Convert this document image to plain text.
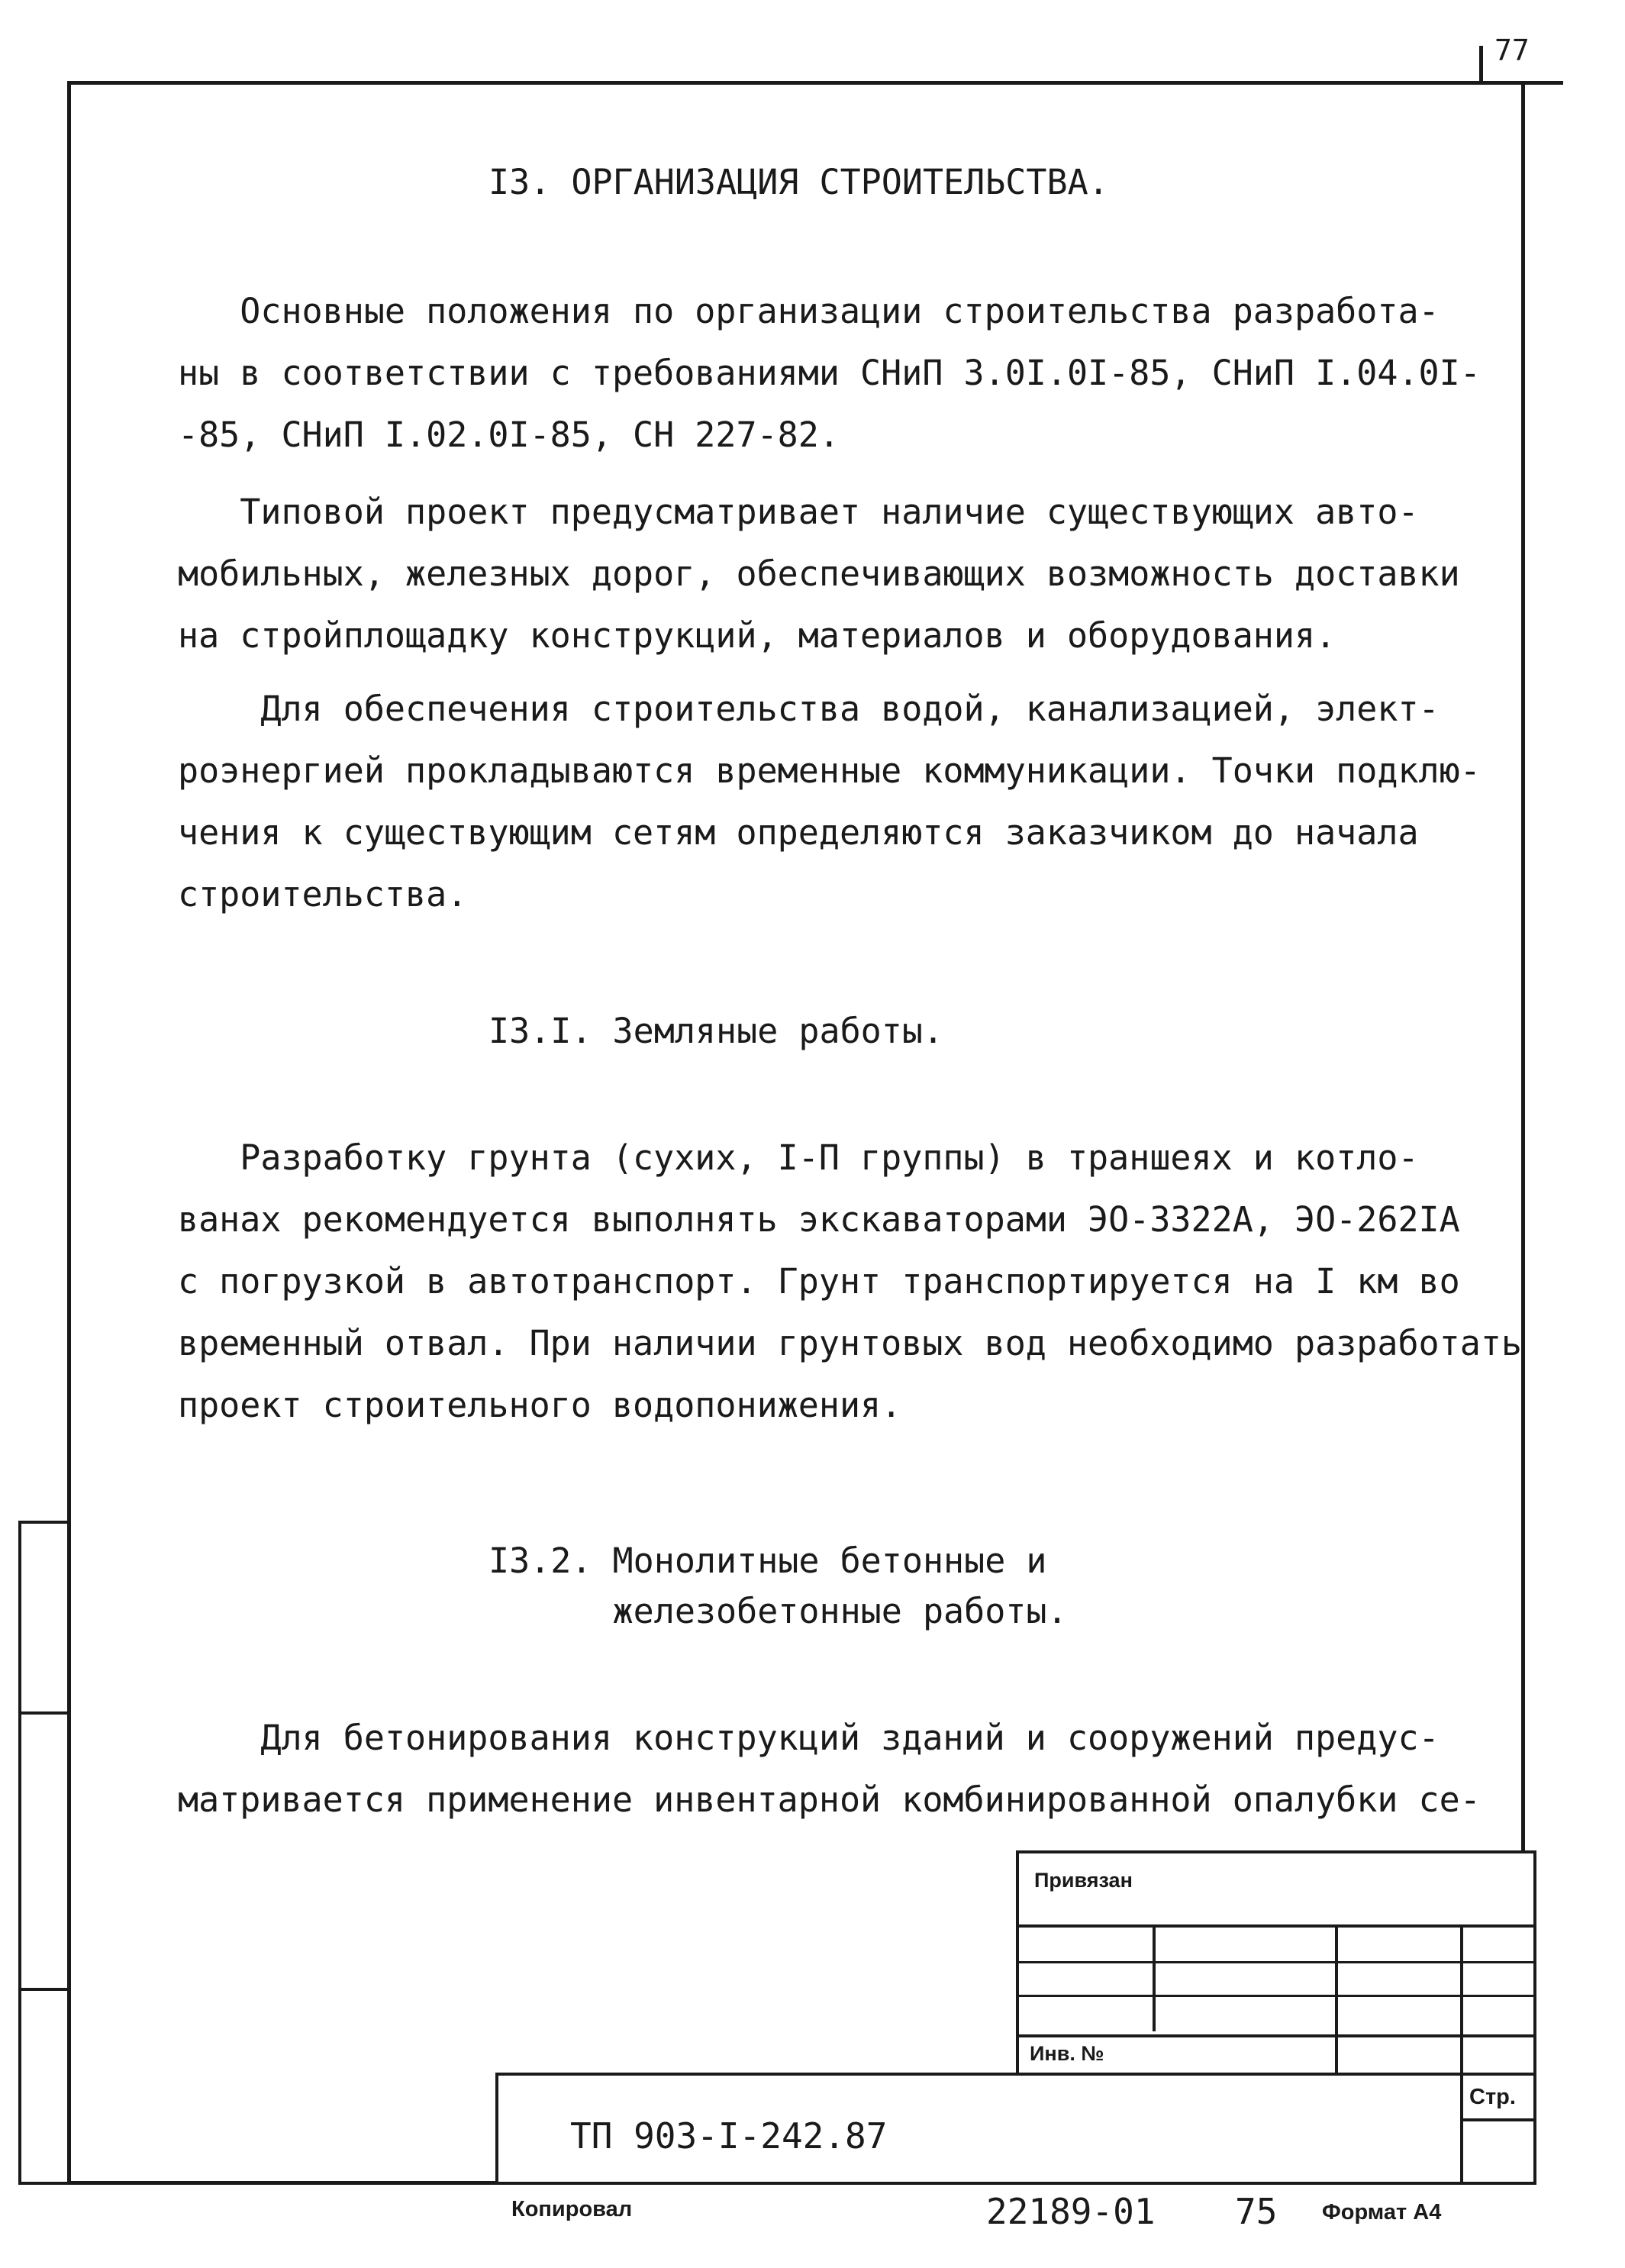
77
I3. ОРГАНИЗАЦИЯ СТРОИТЕЛЬСТВА.
Основные положения по организации строительства разработа-
ны в соответствии с требованиями СНиП 3.0I.0I-85, СНиП I.04.0I-
-85, СНиП I.02.0I-85, СН 227-82.
Типовой проект предусматривает наличие существующих авто-
мобильных, железных дорог, обеспечивающих возможность доставки
на стройплощадку конструкций, материалов и оборудования.
Для обеспечения строительства водой, канализацией, элект-
роэнергией прокладываются временные коммуникации. Точки подклю-
чения к существующим сетям определяются заказчиком до начала
строительства.
I3.I. Земляные работы.
Разработку грунта (сухих, I-П группы) в траншеях и котло-
ванах рекомендуется выполнять экскаваторами ЭО-3322А, ЭО-262IА
с погрузкой в автотранспорт. Грунт транспортируется на I км во
временный отвал. При наличии грунтовых вод необходимо разработать
проект строительного водопонижения.
I3.2. Монолитные бетонные и
железобетонные работы.
Для бетонирования конструкций зданий и сооружений предус-
матривается применение инвентарной комбинированной опалубки се-
Привязан
Инв. №
Стр.
ТП 903-I-242.87
Копировал	22189-01 75 Формат А4
